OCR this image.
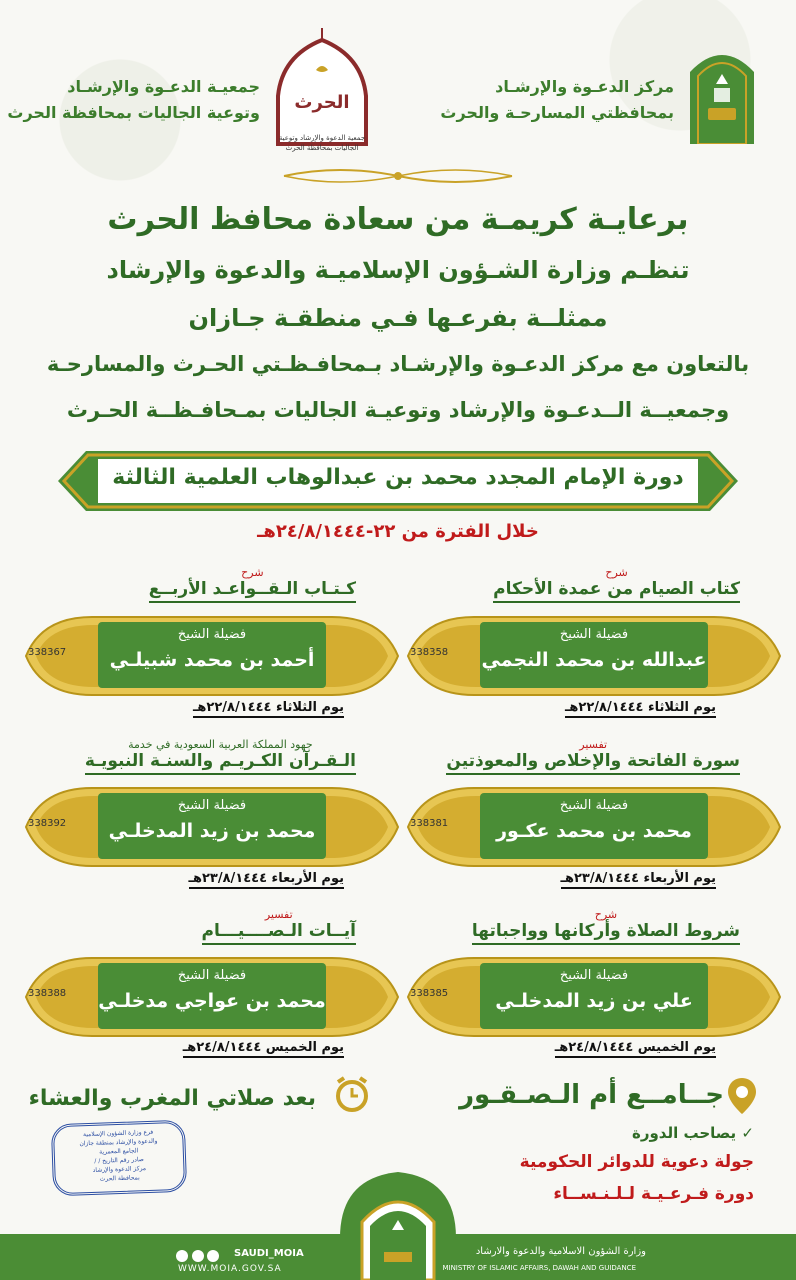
مركز الدعـوة والإرشـاد
بمحافظتي المسارحـة والحرث
الحرث
جمعية الدعوة والإرشاد وتوعية
الجاليات بمحافظة الحرث
جمعيـة الدعـوة والإرشـاد
وتوعية الجاليات بمحافظة الحرث
برعايـة كريمـة من سعادة محافظ الحرث
تنظـم وزارة الشـؤون الإسلاميـة والدعوة والإرشاد
ممثلــة بفرعـها فـي منطقـة جـازان
بالتعاون مع مركز الدعـوة والإرشـاد بـمحافـظـتي الحـرث والمسارحـة
وجمعيــة الــدعـوة والإرشاد وتوعيـة الجاليات بمـحافـظــة الحـرث
دورة الإمام المجدد محمد بن عبدالوهاب العلمية الثالثة
خلال الفترة من ٢٢-٢٤/٨/١٤٤٤هـ
شرح
كتاب الصيام من عمدة الأحكام
338358
فضيلة الشيخ
عبدالله بن محمد النجمي
يوم الثلاثاء ٢٢/٨/١٤٤٤هـ
شرح
كـتـاب الـقــواعـد الأربــع
338367
فضيلة الشيخ
أحمد بن محمد شبيلـي
يوم الثلاثاء ٢٢/٨/١٤٤٤هـ
تفسير
سورة الفاتحة والإخلاص والمعوذتين
338381
فضيلة الشيخ
محمد بن محمد عكـور
يوم الأربعاء ٢٣/٨/١٤٤٤هـ
جهود المملكة العربية السعودية في خدمة
الـقـرآن الكـريـم والسنـة النبويـة
338392
فضيلة الشيخ
محمد بن زيد المدخلـي
يوم الأربعاء ٢٣/٨/١٤٤٤هـ
شرح
شروط الصلاة وأركانها وواجباتها
338385
فضيلة الشيخ
علي بن زيد المدخلـي
يوم الخميس ٢٤/٨/١٤٤٤هـ
تفسير
آيــات الـصــــيـــام
338388
فضيلة الشيخ
محمد بن عواجي مدخلـي
يوم الخميس ٢٤/٨/١٤٤٤هـ
جــامــع أم الـصـقـور
بعد صلاتي المغرب والعشاء
✓ يصاحب الدورة
جولة دعوية للدوائر الحكومية
دورة فـرعـيـة لـلـنـســاء
فرع وزارة الشؤون الإسلامية
والدعوة والإرشاد بمنطقة جازان
الجامع المعمرية
صادر رقم التاريخ / /
مركز الدعوة والإرشاد
بمحافظة الحرث

SAUDI_MOIA
WWW.MOIA.GOV.SA
وزارة الشؤون الاسلامية والدعوة والارشاد
MINISTRY OF ISLAMIC AFFAIRS, DAWAH AND GUIDANCE
